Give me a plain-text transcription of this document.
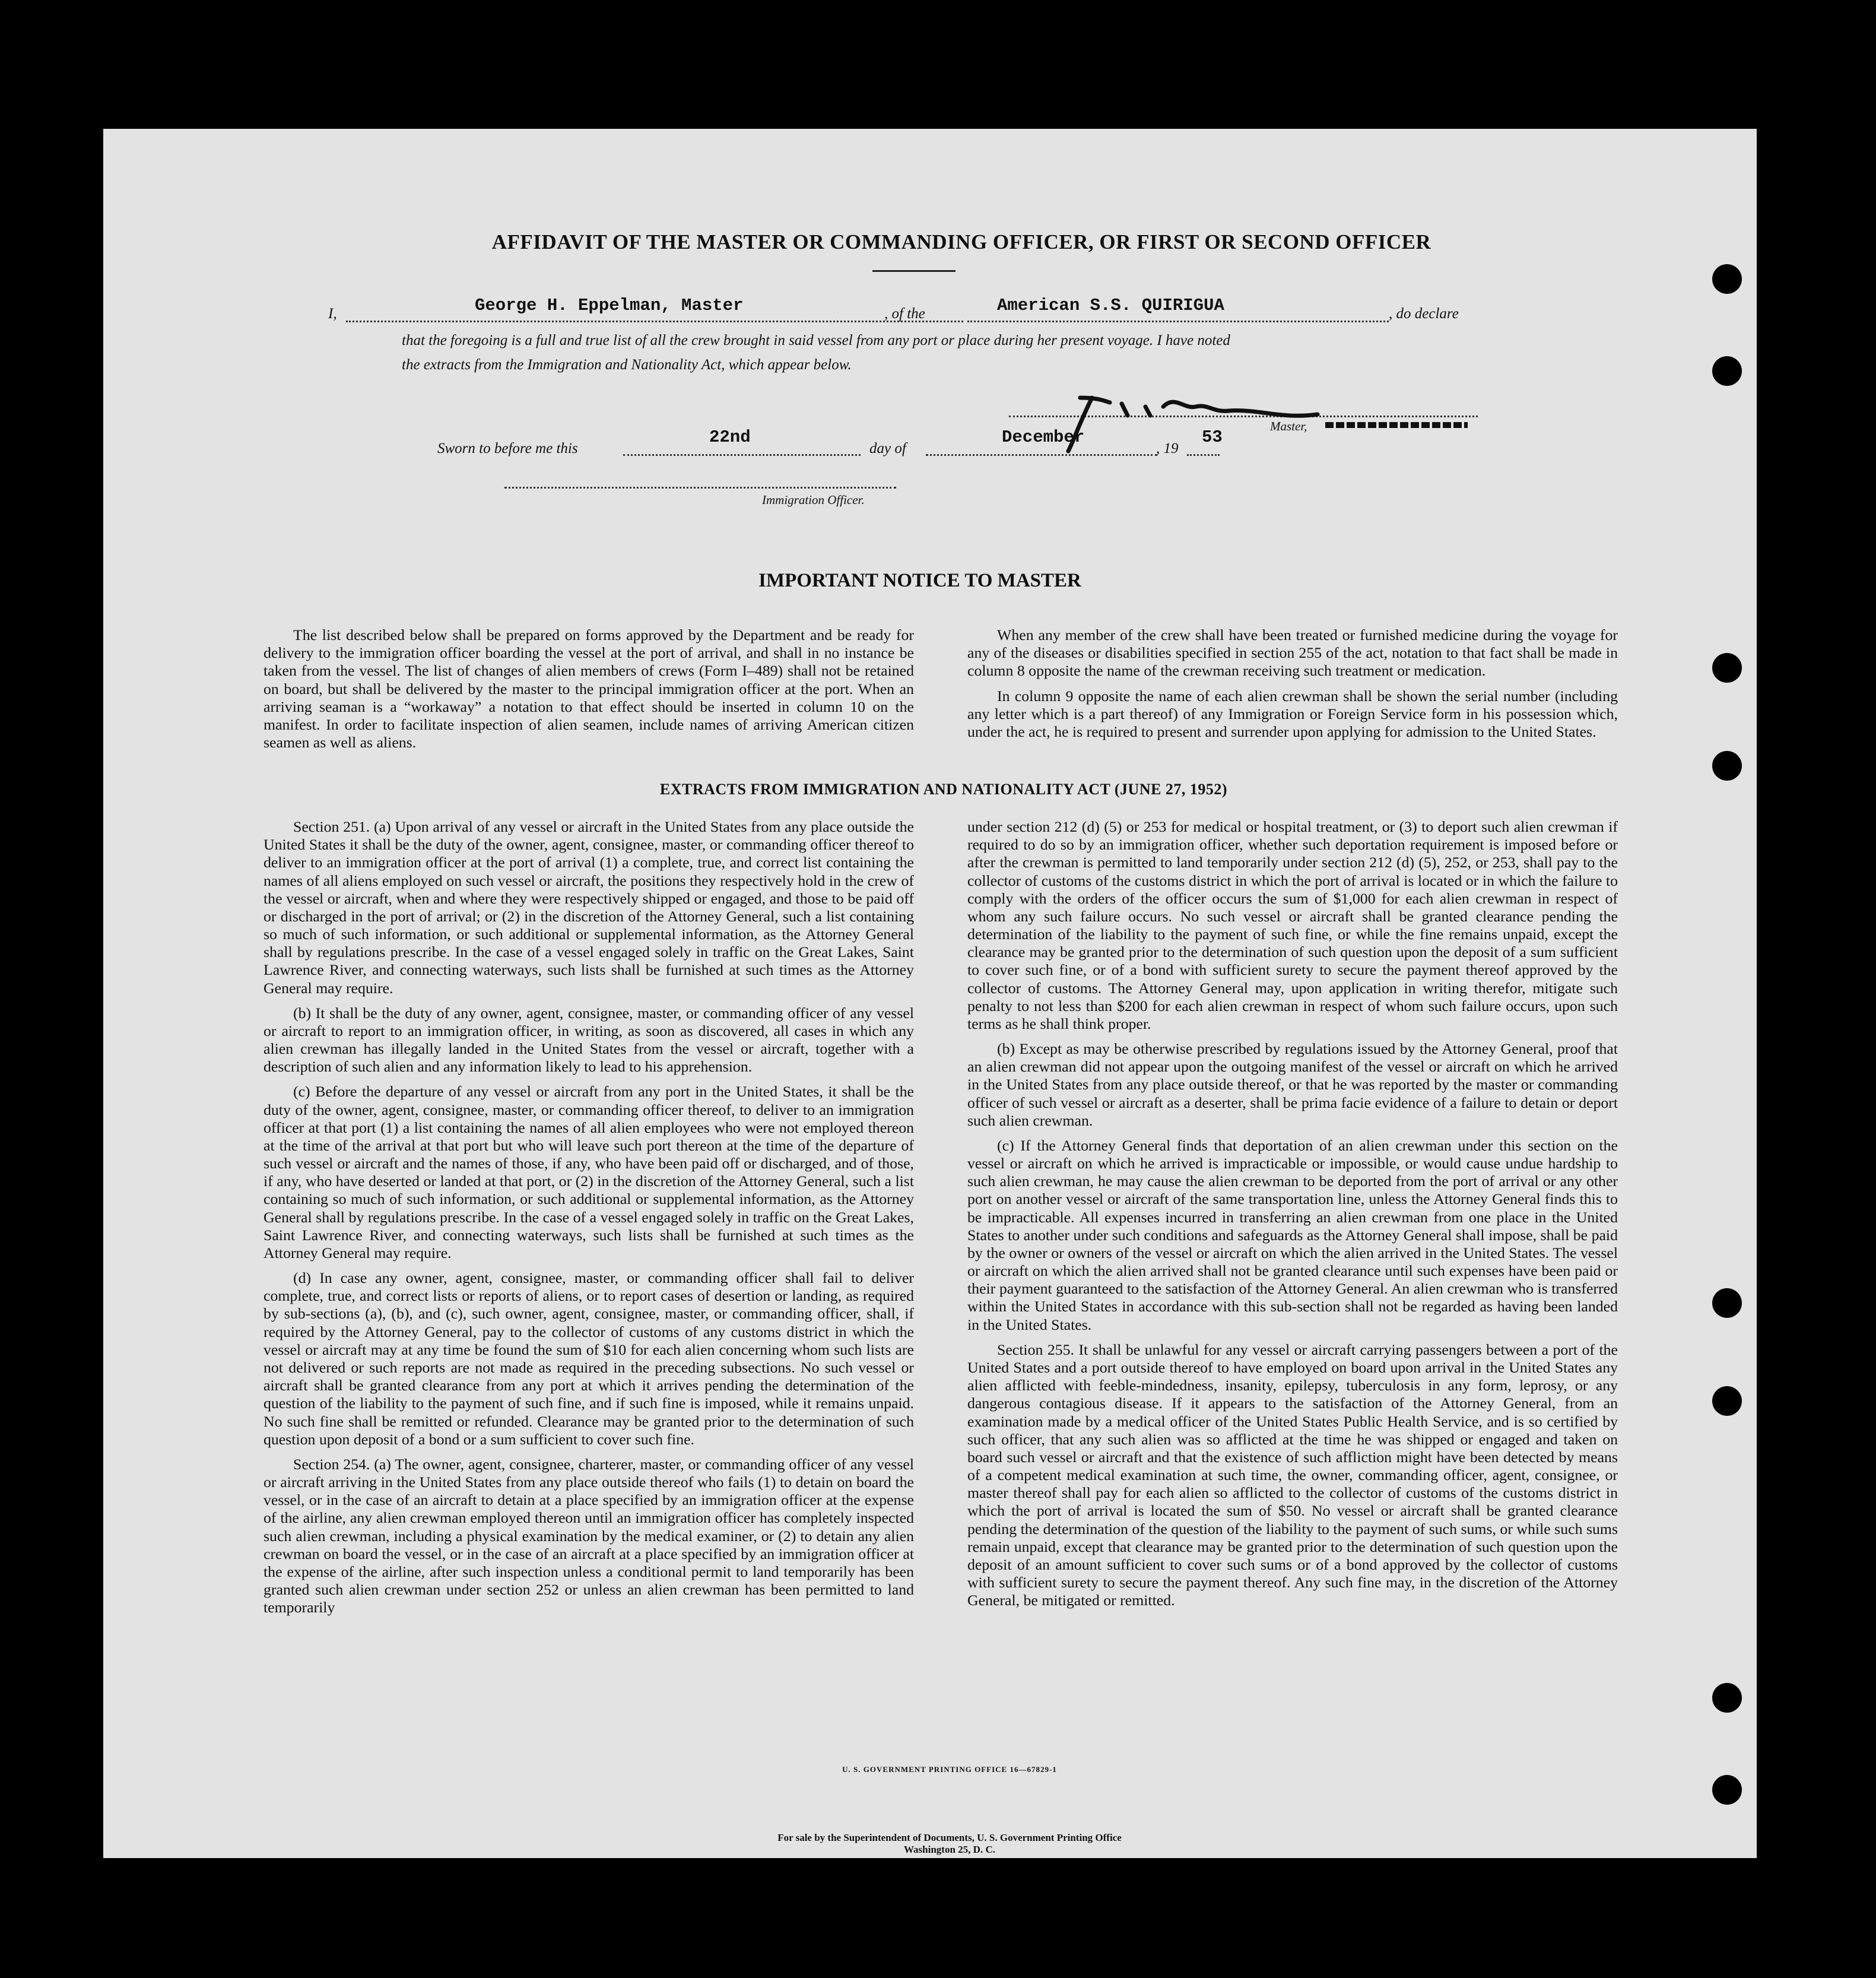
AFFIDAVIT OF THE MASTER OR COMMANDING OFFICER, OR FIRST OR SECOND OFFICER
I,	George H. Eppelman, Master	, of the	American S.S. QUIRIGUA	, do declare
that the foregoing is a full and true list of all the crew brought in said vessel from any port or place during her present voyage. I have noted
the extracts from the Immigration and Nationality Act, which appear below.
Master,
Sworn to before me this
22nd
day of
December
, 19
53
Immigration Officer.
IMPORTANT NOTICE TO MASTER

The list described below shall be prepared on forms approved by the Department and be ready for delivery to the immigration officer boarding the vessel at the port of arrival, and shall in no instance be taken from the vessel. The list of changes of alien members of crews (Form I–489) shall not be retained on board, but shall be delivered by the master to the principal immigration officer at the port. When an arriving seaman is a “workaway” a notation to that effect should be inserted in column 10 on the manifest. In order to facilitate inspection of alien seamen, include names of arriving American citizen seamen as well as aliens.

When any member of the crew shall have been treated or furnished medicine during the voyage for any of the diseases or disabilities specified in section 255 of the act, notation to that fact shall be made in column 8 opposite the name of the crewman receiving such treatment or medication.

In column 9 opposite the name of each alien crewman shall be shown the serial number (including any letter which is a part thereof) of any Immigration or Foreign Service form in his possession which, under the act, he is required to present and surrender upon applying for admission to the United States.

EXTRACTS FROM IMMIGRATION AND NATIONALITY ACT (JUNE 27, 1952)

Section 251. (a) Upon arrival of any vessel or aircraft in the United States from any place outside the United States it shall be the duty of the owner, agent, consignee, master, or commanding officer thereof to deliver to an immigration officer at the port of arrival (1) a complete, true, and correct list containing the names of all aliens employed on such vessel or aircraft, the positions they respectively hold in the crew of the vessel or aircraft, when and where they were respectively shipped or engaged, and those to be paid off or discharged in the port of arrival; or (2) in the discretion of the Attorney General, such a list containing so much of such information, or such additional or supplemental information, as the Attorney General shall by regulations prescribe. In the case of a vessel engaged solely in traffic on the Great Lakes, Saint Lawrence River, and connecting waterways, such lists shall be furnished at such times as the Attorney General may require.

(b) It shall be the duty of any owner, agent, consignee, master, or commanding officer of any vessel or aircraft to report to an immigration officer, in writing, as soon as discovered, all cases in which any alien crewman has illegally landed in the United States from the vessel or aircraft, together with a description of such alien and any information likely to lead to his apprehension.

(c) Before the departure of any vessel or aircraft from any port in the United States, it shall be the duty of the owner, agent, consignee, master, or commanding officer thereof, to deliver to an immigration officer at that port (1) a list containing the names of all alien employees who were not employed thereon at the time of the arrival at that port but who will leave such port thereon at the time of the departure of such vessel or aircraft and the names of those, if any, who have been paid off or discharged, and of those, if any, who have deserted or landed at that port, or (2) in the discretion of the Attorney General, such a list containing so much of such information, or such additional or supplemental information, as the Attorney General shall by regulations prescribe. In the case of a vessel engaged solely in traffic on the Great Lakes, Saint Lawrence River, and connecting waterways, such lists shall be furnished at such times as the Attorney General may require.

(d) In case any owner, agent, consignee, master, or commanding officer shall fail to deliver complete, true, and correct lists or reports of aliens, or to report cases of desertion or landing, as required by sub-sections (a), (b), and (c), such owner, agent, consignee, master, or commanding officer, shall, if required by the Attorney General, pay to the collector of customs of any customs district in which the vessel or aircraft may at any time be found the sum of $10 for each alien concerning whom such lists are not delivered or such reports are not made as required in the preceding subsections. No such vessel or aircraft shall be granted clearance from any port at which it arrives pending the determination of the question of the liability to the payment of such fine, and if such fine is imposed, while it remains unpaid. No such fine shall be remitted or refunded. Clearance may be granted prior to the determination of such question upon deposit of a bond or a sum sufficient to cover such fine.

Section 254. (a) The owner, agent, consignee, charterer, master, or commanding officer of any vessel or aircraft arriving in the United States from any place outside thereof who fails (1) to detain on board the vessel, or in the case of an aircraft to detain at a place specified by an immigration officer at the expense of the airline, any alien crewman employed thereon until an immigration officer has completely inspected such alien crewman, including a physical examination by the medical examiner, or (2) to detain any alien crewman on board the vessel, or in the case of an aircraft at a place specified by an immigration officer at the expense of the airline, after such inspection unless a conditional permit to land temporarily has been granted such alien crewman under section 252 or unless an alien crewman has been permitted to land temporarily

under section 212 (d) (5) or 253 for medical or hospital treatment, or (3) to deport such alien crewman if required to do so by an immigration officer, whether such deportation requirement is imposed before or after the crewman is permitted to land temporarily under section 212 (d) (5), 252, or 253, shall pay to the collector of customs of the customs district in which the port of arrival is located or in which the failure to comply with the orders of the officer occurs the sum of $1,000 for each alien crewman in respect of whom any such failure occurs. No such vessel or aircraft shall be granted clearance pending the determination of the liability to the payment of such fine, or while the fine remains unpaid, except the clearance may be granted prior to the determination of such question upon the deposit of a sum sufficient to cover such fine, or of a bond with sufficient surety to secure the payment thereof approved by the collector of customs. The Attorney General may, upon application in writing therefor, mitigate such penalty to not less than $200 for each alien crewman in respect of whom such failure occurs, upon such terms as he shall think proper.

(b) Except as may be otherwise prescribed by regulations issued by the Attorney General, proof that an alien crewman did not appear upon the outgoing manifest of the vessel or aircraft on which he arrived in the United States from any place outside thereof, or that he was reported by the master or commanding officer of such vessel or aircraft as a deserter, shall be prima facie evidence of a failure to detain or deport such alien crewman.

(c) If the Attorney General finds that deportation of an alien crewman under this section on the vessel or aircraft on which he arrived is impracticable or impossible, or would cause undue hardship to such alien crewman, he may cause the alien crewman to be deported from the port of arrival or any other port on another vessel or aircraft of the same transportation line, unless the Attorney General finds this to be impracticable. All expenses incurred in transferring an alien crewman from one place in the United States to another under such conditions and safeguards as the Attorney General shall impose, shall be paid by the owner or owners of the vessel or aircraft on which the alien arrived in the United States. The vessel or aircraft on which the alien arrived shall not be granted clearance until such expenses have been paid or their payment guaranteed to the satisfaction of the Attorney General. An alien crewman who is transferred within the United States in accordance with this sub-section shall not be regarded as having been landed in the United States.

Section 255. It shall be unlawful for any vessel or aircraft carrying passengers between a port of the United States and a port outside thereof to have employed on board upon arrival in the United States any alien afflicted with feeble-mindedness, insanity, epilepsy, tuberculosis in any form, leprosy, or any dangerous contagious disease. If it appears to the satisfaction of the Attorney General, from an examination made by a medical officer of the United States Public Health Service, and is so certified by such officer, that any such alien was so afflicted at the time he was shipped or engaged and taken on board such vessel or aircraft and that the existence of such affliction might have been detected by means of a competent medical examination at such time, the owner, commanding officer, agent, consignee, or master thereof shall pay for each alien so afflicted to the collector of customs of the customs district in which the port of arrival is located the sum of $50. No vessel or aircraft shall be granted clearance pending the determination of the question of the liability to the payment of such sums, or while such sums remain unpaid, except that clearance may be granted prior to the determination of such question upon the deposit of an amount sufficient to cover such sums or of a bond approved by the collector of customs with sufficient surety to secure the payment thereof. Any such fine may, in the discretion of the Attorney General, be mitigated or remitted.

U. S. GOVERNMENT PRINTING OFFICE 16—67829-1
For sale by the Superintendent of Documents, U. S. Government Printing Office
Washington 25, D. C.
